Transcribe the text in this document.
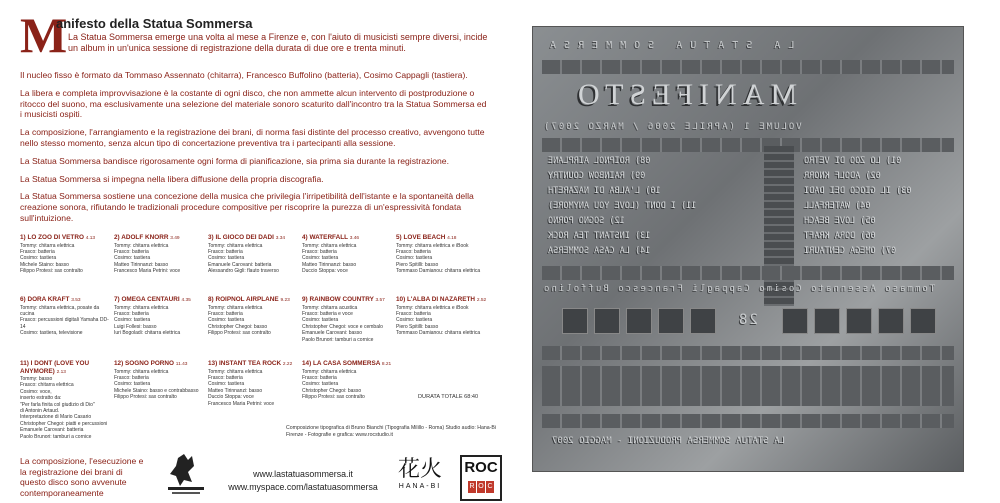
M
anifesto della Statua Sommersa
La Statua Sommersa emerge una volta al mese a Firenze e, con l'aiuto di musicisti sempre diversi, incide un album in un'unica sessione di registrazione della durata di due ore e trenta minuti.

Il nucleo fisso è formato da Tommaso Assennato (chitarra), Francesco Buffolino (batteria), Cosimo Cappagli (tastiera).

La libera e completa improvvisazione è la costante di ogni disco, che non ammette alcun intervento di postproduzione o ritocco del suono, ma esclusivamente una selezione del materiale sonoro scaturito dall'incontro tra la Statua Sommersa ed i musicisti ospiti.

La composizione, l'arrangiamento e la registrazione dei brani, di norma fasi distinte del processo creativo, avvengono tutte nello stesso momento, senza alcun tipo di concertazione preventiva tra i partecipanti alla sessione.

La Statua Sommersa bandisce rigorosamente ogni forma di pianificazione, sia prima sia durante la registrazione.

La Statua Sommersa si impegna nella libera diffusione della propria discografia.

La Statua Sommersa sostiene una concezione della musica che privilegia l'irripetibilità dell'istante e la spontaneità della creazione sonora, rifiutando le tradizionali procedure compositive per riscoprire la purezza di un'espressività fondata sull'intuizione.

1) LO ZOO DI VETRO 4.13
Tommy: chitarra elettrica
Frasco: batteria
Cosimo: tastiera
Michele Staino: basso
Filippo Protesi: sax contralto
2) ADOLF KNORR 3.49
Tommy: chitarra elettrica
Frasco: batteria
Cosimo: tastiera
Matteo Tirinnanzi: basso
Francesco Maria Petrini: voce
3) IL GIOCO DEI DADI 3.34
Tommy: chitarra elettrica
Frasco: batteria
Cosimo: tastiera
Emanuele Carovani: batteria
Alessandro Gigli: flauto traverso
4) WATERFALL 3.46
Tommy: chitarra elettrica
Frasco: batteria
Cosimo: tastiera
Matteo Tirinnanzi: basso
Duccio Stoppa: voce
5) LOVE BEACH 4.18
Tommy: chitarra elettrica e iBook
Frasco: batteria
Cosimo: tastiera
Piero Spitilli: basso
Tommaso Damianou: chitarra elettrica
6) DORA KRAFT 3.53
Tommy: chitarra elettrica, posate da cucina
Frasco: percussioni digitali Yamaha DD-14
Cosimo: tastiera, televisione
7) OMEGA CENTAURI 4.35
Tommy: chitarra elettrica
Frasco: batteria
Cosimo: tastiera
Luigi Follesi: basso
Iuri Bogoladi: chitarra elettrica
8) ROIPNOL AIRPLANE 9.23
Tommy: chitarra elettrica
Frasco: batteria
Cosimo: tastiera
Christopher Chegoi: basso
Filippo Protesi: sax contralto
9) RAINBOW COUNTRY 3.57
Tommy: chitarra acustica
Frasco: batteria e voce
Cosimo: tastiera
Christopher Chegoi: voce e cembalo
Emanuele Carovani: basso
Paolo Brunori: tamburi a cornice
10) L'ALBA DI NAZARETH 2.52
Tommy: chitarra elettrica e iBook
Frasco: batteria
Cosimo: tastiera
Piero Spitilli: basso
Tommaso Damianou: chitarra elettrica
11) I DONT (LOVE YOU ANYMORE) 2.13
Tommy: basso
Frasco: chitarra elettrica
Cosimo: voce,
inserto estratto da:
"Per farla finita col giudizio di Dio"
di Antonin Artaud.
Interpretazione di Mario Casario
Christopher Chegoi: piatti e percussioni
Emanuele Carovani: batteria
Paolo Brunori: tamburi a cornice
12) SOGNO PORNO 11.43
Tommy: chitarra elettrica
Frasco: batteria
Cosimo: tastiera
Michele Staino: basso e contrabbasso
Filippo Protesi: sax contralto
13) INSTANT TEA ROCK 2.22
Tommy: chitarra elettrica
Frasco: batteria
Cosimo: tastiera
Matteo Tirinnanzi: basso
Duccio Stoppa: voce
Francesco Maria Petrini: voce
14) LA CASA SOMMERSA 8.21
Tommy: chitarra elettrica
Frasco: batteria
Cosimo: tastiera
Christopher Chegoi: basso
Filippo Protesi: sax contralto	DURATA TOTALE 68:40
Composizione tipografica di Bruno Bianchi (Tipografia Milillo - Roma) Studio audio: Hana-Bi Firenze - Fotografie e grafica: www.rocstudio.it
La composizione, l'esecuzione e la registrazione dei brani di questo disco sono avvenute contemporaneamente
www.lastatuasommersa.it
www.myspace.com/lastatuasommersa
花火
HANA-BI
ROC
R O C
LA STATUA SOMMERSA
MANIFESTO
VOLUME 1 (APRILE 2006 / MARZO 2007)
08) ROIPNOL AIRPLANE
09) RAINBOW COUNTRY
10) L'ALBA DI NAZARETH
11) I DONT (LOVE YOU ANYMORE)
12) SOGNO PORNO
13) INSTANT TEA ROCK
14) LA CASA SOMMERSA
01) LO ZOO DI VETRO
02) ADOLF KNORR
03) IL GIOCO DEI DADI
04) WATERFALL
05) LOVE BEACH
06) DORA KRAFT
07) OMEGA CENTAURI
Tommaso Assennato Cosimo Cappagli Francesco Buffolino
28
LA STATUA SOMMERSA PRODUZIONI - MAGGIO 2007
